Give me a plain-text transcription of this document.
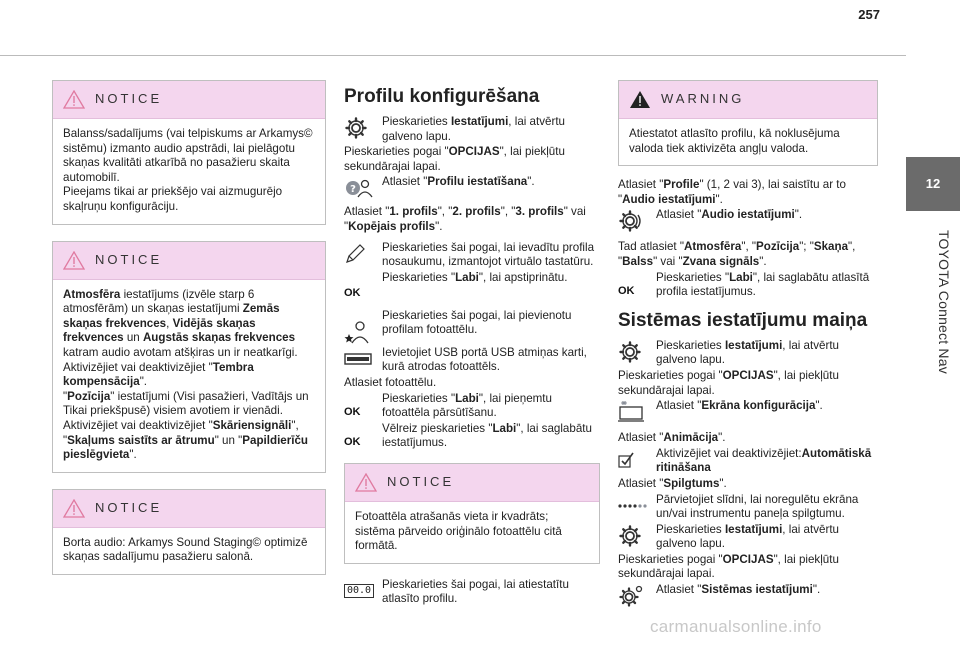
257
12
TOYOTA Connect Nav
NOTICE

Balanss/sadalījums (vai telpiskums ar Arkamys© sistēmu) izmanto audio apstrādi, lai pielāgotu skaņas kvalitāti atkarībā no pasažieru skaita automobilī.

Pieejams tikai ar priekšējo vai aizmugurējo skaļruņu konfigurāciju.

NOTICE

Atmosfēra iestatījums (izvēle starp 6 atmosfērām) un skaņas iestatījumi Zemās skaņas frekvences, Vidējās skaņas frekvences un Augstās skaņas frekvences katram audio avotam atšķiras un ir neatkarīgi.

Aktivizējiet vai deaktivizējiet "Tembra kompensācija".

"Pozīcija" iestatījumi (Visi pasažieri, Vadītājs un Tikai priekšpusē) visiem avotiem ir vienādi.

Aktivizējiet vai deaktivizējiet "Skāriensignāli", "Skaļums saistīts ar ātrumu" un "Papildierīču pieslēgvieta".

NOTICE

Borta audio: Arkamys Sound Staging© optimizē skaņas sadalījumu pasažieru salonā.

Profilu konfigurēšana
Pieskarieties Iestatījumi, lai atvērtu galveno lapu.

Pieskarieties pogai "OPCIJAS", lai piekļūtu sekundārajai lapai.

?
Atlasiet "Profilu iestatīšana".

Atlasiet "1. profils", "2. profils", "3. profils" vai "Kopējais profils".

Pieskarieties šai pogai, lai ievadītu profila nosaukumu, izmantojot virtuālo tastatūru.
OK
Pieskarieties "Labi", lai apstiprinātu.
Pieskarieties šai pogai, lai pievienotu profilam fotoattēlu.
Ievietojiet USB portā USB atmiņas karti, kurā atrodas fotoattēls.

Atlasiet fotoattēlu.

OK
Pieskarieties "Labi", lai pieņemtu fotoattēla pārsūtīšanu.
OK
Vēlreiz pieskarieties "Labi", lai saglabātu iestatījumus.
NOTICE

Fotoattēla atrašanās vieta ir kvadrāts; sistēma pārveido oriģinālo fotoattēlu citā formātā.

00.0 Pieskarieties šai pogai, lai atiestatītu atlasīto profilu.
WARNING

Atiestatot atlasīto profilu, kā noklusējuma valoda tiek aktivizēta angļu valoda.

Atlasiet "Profile" (1, 2 vai 3), lai saistītu ar to "Audio iestatījumi".

Atlasiet "Audio iestatījumi".

Tad atlasiet "Atmosfēra", "Pozīcija"; "Skaņa", "Balss" vai "Zvana signāls".

OK
Pieskarieties "Labi", lai saglabātu atlasītā profila iestatījumus.
Sistēmas iestatījumu maiņa
Pieskarieties Iestatījumi, lai atvērtu galveno lapu.

Pieskarieties pogai "OPCIJAS", lai piekļūtu sekundārajai lapai.

Atlasiet "Ekrāna konfigurācija".

Atlasiet "Animācija".

Aktivizējiet vai deaktivizējiet:Automātiskā ritināšana

Atlasiet "Spilgtums".

Pārvietojiet slīdni, lai noregulētu ekrāna un/vai instrumentu paneļa spilgtumu.
Pieskarieties Iestatījumi, lai atvērtu galveno lapu.

Pieskarieties pogai "OPCIJAS", lai piekļūtu sekundārajai lapai.

Atlasiet "Sistēmas iestatījumi".
carmanualsonline.info
